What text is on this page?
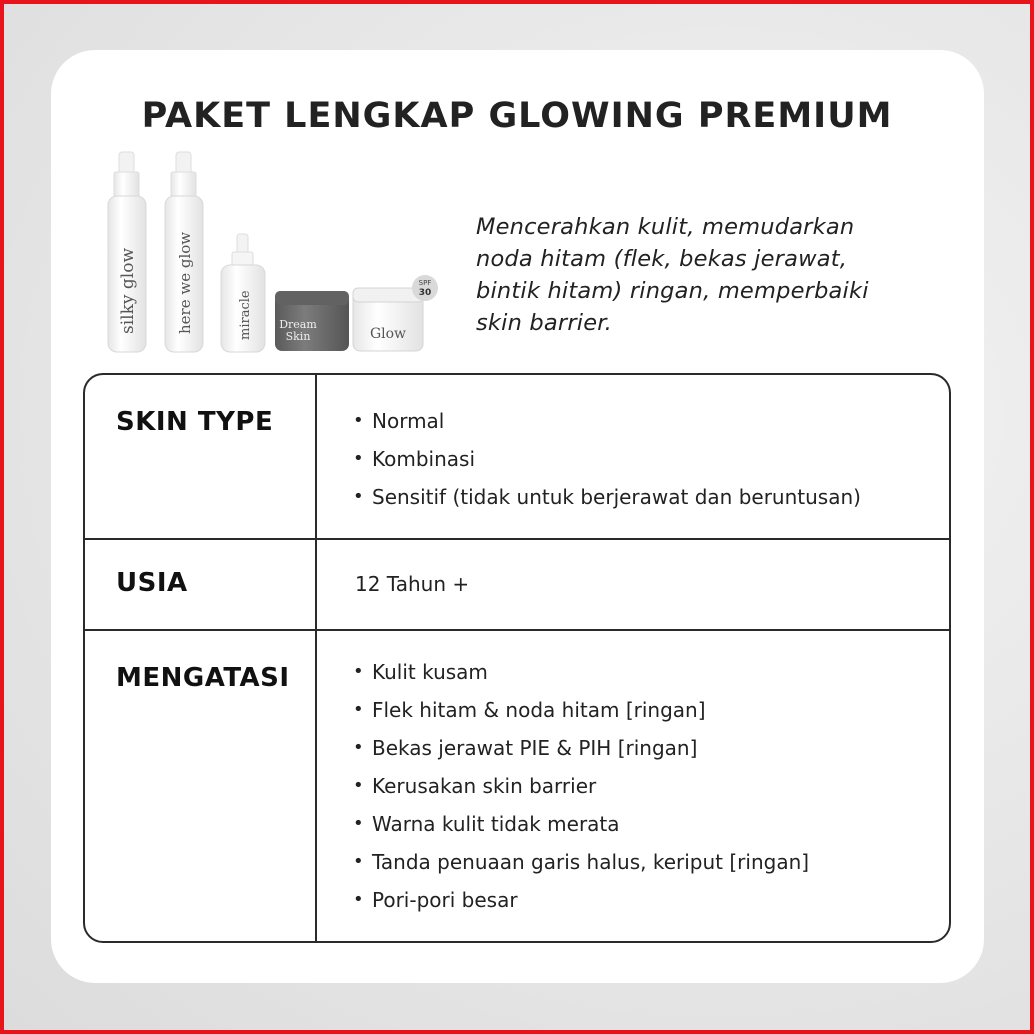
PAKET LENGKAP GLOWING PREMIUM
silky glow	here we glow	miracle Dream
Skin	Glow
SPF
30

Mencerahkan kulit, memudarkan noda hitam (flek, bekas jerawat, bintik hitam) ringan, memperbaiki skin barrier.

SKIN TYPE	• Normal
• Kombinasi
• Sensitif (tidak untuk berjerawat dan beruntusan)
USIA	12 Tahun +

MENGATASI	• Kulit kusam
• Flek hitam & noda hitam [ringan]
• Bekas jerawat PIE & PIH [ringan]
• Kerusakan skin barrier
• Warna kulit tidak merata
• Tanda penuaan garis halus, keriput [ringan]
• Pori-pori besar
